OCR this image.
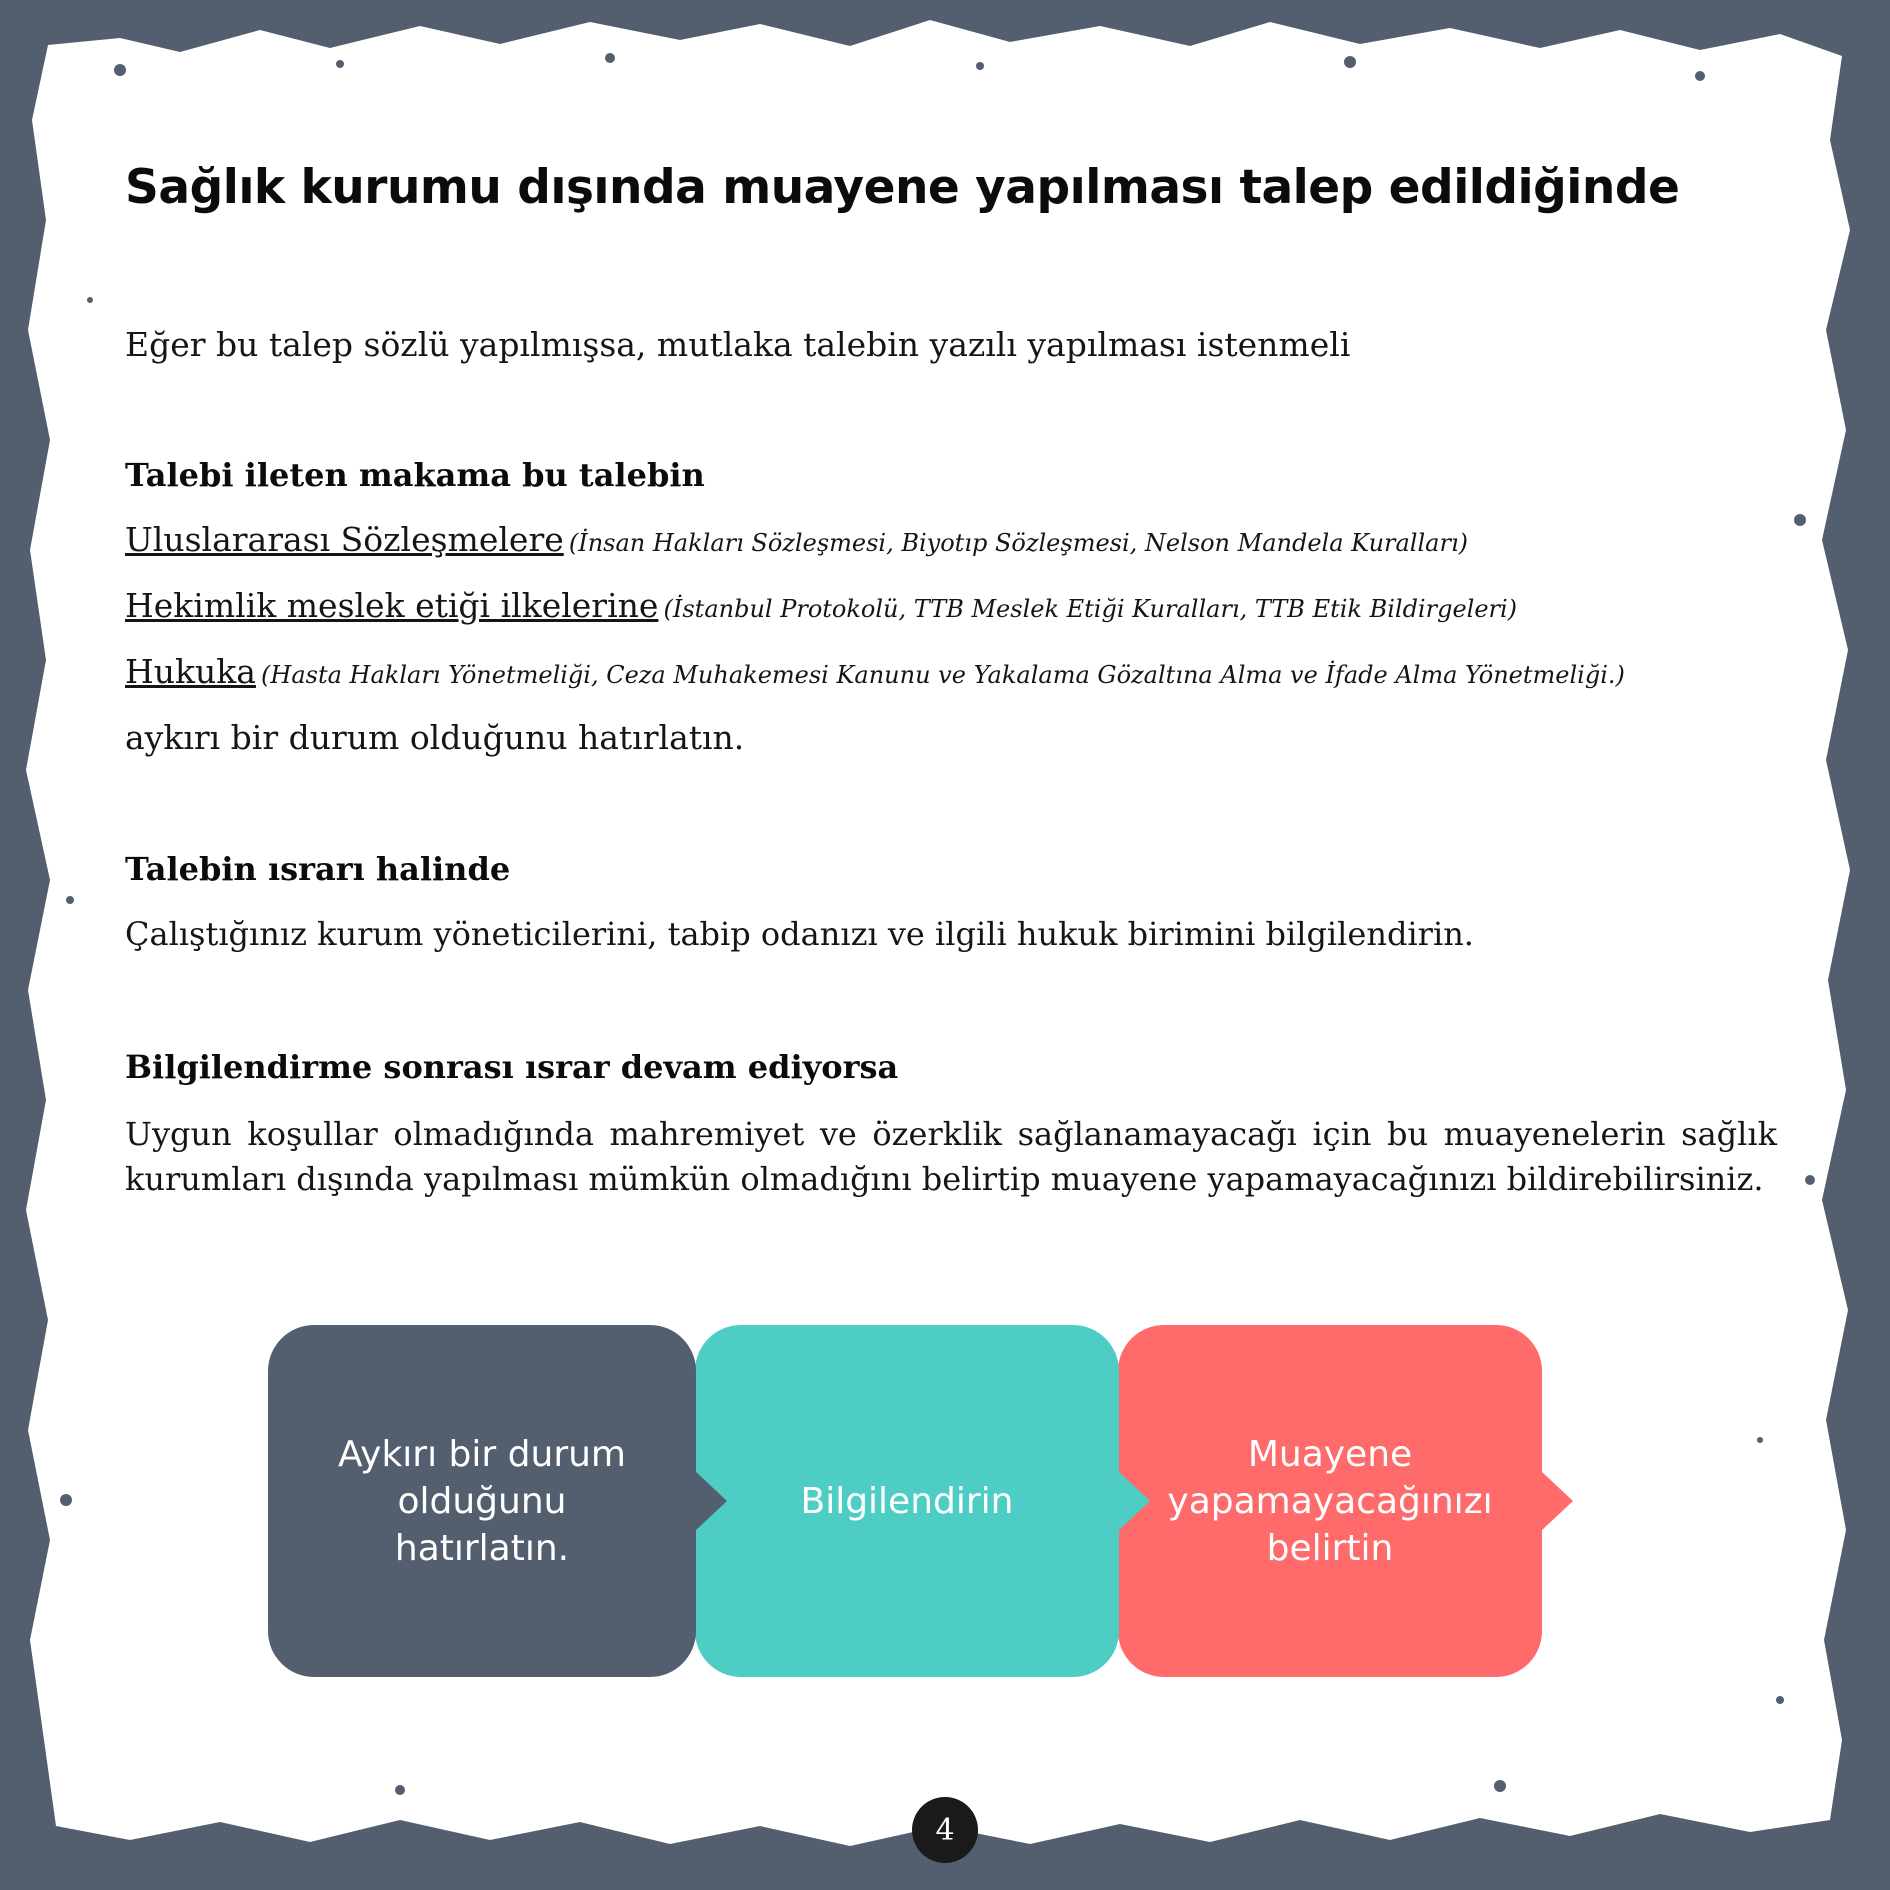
Sağlık kurumu dışında muayene yapılması talep edildiğinde

Eğer bu talep sözlü yapılmışsa, mutlaka talebin yazılı yapılması istenmeli

Talebi ileten makama bu talebin

Uluslararası Sözleşmelere (İnsan Hakları Sözleşmesi, Biyotıp Sözleşmesi, Nelson Mandela Kuralları)

Hekimlik meslek etiği ilkelerine (İstanbul Protokolü, TTB Meslek Etiği Kuralları, TTB Etik Bildirgeleri)

Hukuka (Hasta Hakları Yönetmeliği, Ceza Muhakemesi Kanunu ve Yakalama Gözaltına Alma ve İfade Alma Yönetmeliği.)

aykırı bir durum olduğunu hatırlatın.

Talebin ısrarı halinde

Çalıştığınız kurum yöneticilerini, tabip odanızı ve ilgili hukuk birimini bilgilendirin.

Bilgilendirme sonrası ısrar devam ediyorsa

Uygun koşullar olmadığında mahremiyet ve özerklik sağlanamayacağı için bu muayenelerin sağlık kurumları dışında yapılması mümkün olmadığını belirtip muayene yapamayacağınızı bildirebilirsiniz.

Aykırı bir durum
olduğunu
hatırlatın.
Bilgilendirin
Muayene
yapamayacağınızı
belirtin
4
